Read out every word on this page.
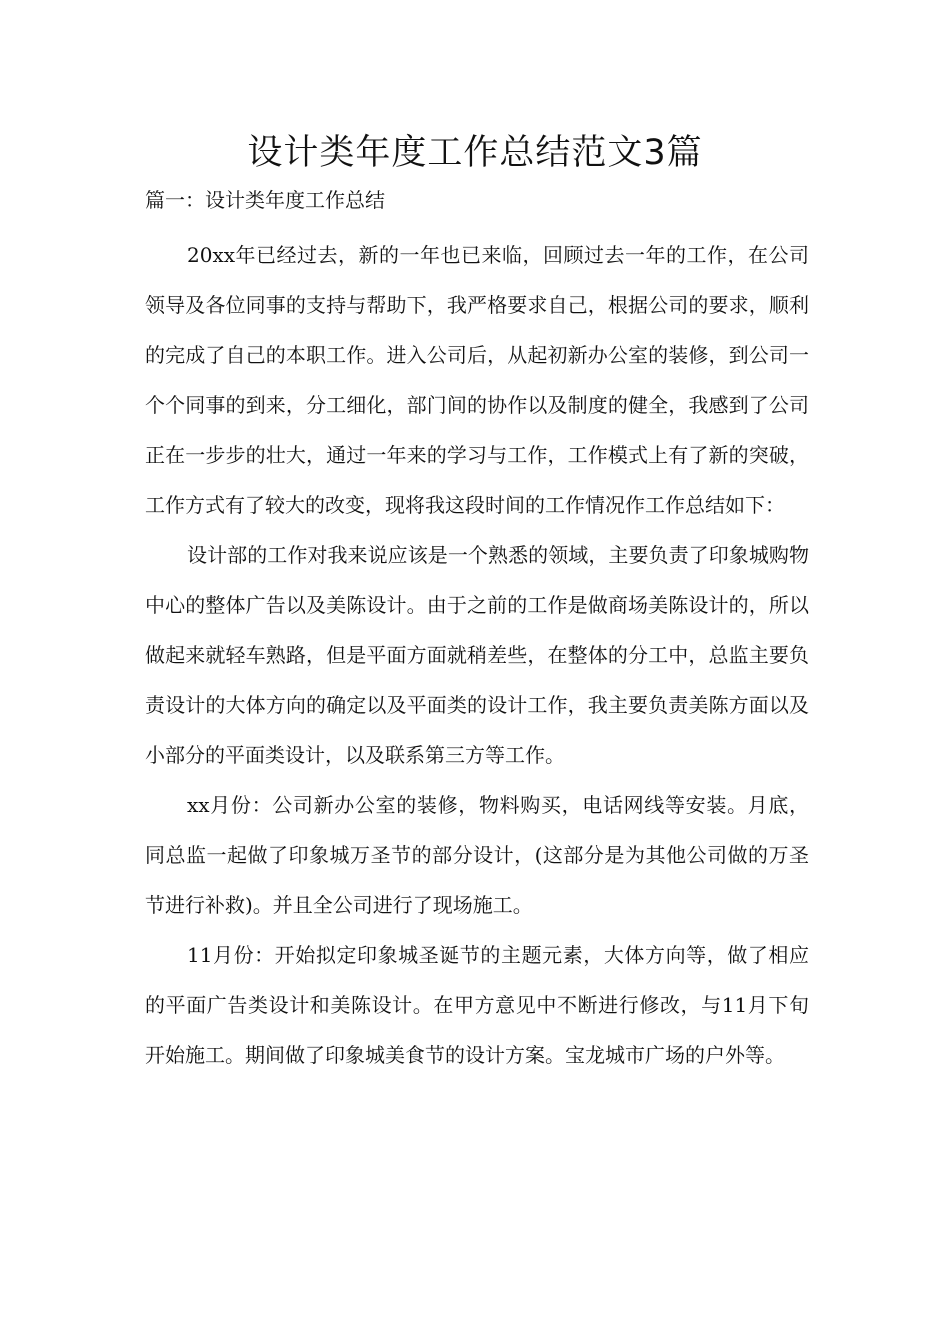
设计类年度工作总结范文3篇
篇一：设计类年度工作总结

20xx年已经过去，新的一年也已来临，回顾过去一年的工作，在公司领导及各位同事的支持与帮助下，我严格要求自己，根据公司的要求，顺利的完成了自己的本职工作。进入公司后，从起初新办公室的装修，到公司一个个同事的到来，分工细化，部门间的协作以及制度的健全，我感到了公司正在一步步的壮大，通过一年来的学习与工作，工作模式上有了新的突破，工作方式有了较大的改变，现将我这段时间的工作情况作工作总结如下：

设计部的工作对我来说应该是一个熟悉的领域，主要负责了印象城购物中心的整体广告以及美陈设计。由于之前的工作是做商场美陈设计的，所以做起来就轻车熟路，但是平面方面就稍差些，在整体的分工中，总监主要负责设计的大体方向的确定以及平面类的设计工作，我主要负责美陈方面以及小部分的平面类设计，以及联系第三方等工作。

xx月份：公司新办公室的装修，物料购买，电话网线等安装。月底，同总监一起做了印象城万圣节的部分设计，(这部分是为其他公司做的万圣节进行补救)。并且全公司进行了现场施工。

11月份：开始拟定印象城圣诞节的主题元素，大体方向等，做了相应的平面广告类设计和美陈设计。在甲方意见中不断进行修改，与11月下旬开始施工。期间做了印象城美食节的设计方案。宝龙城市广场的户外等。
